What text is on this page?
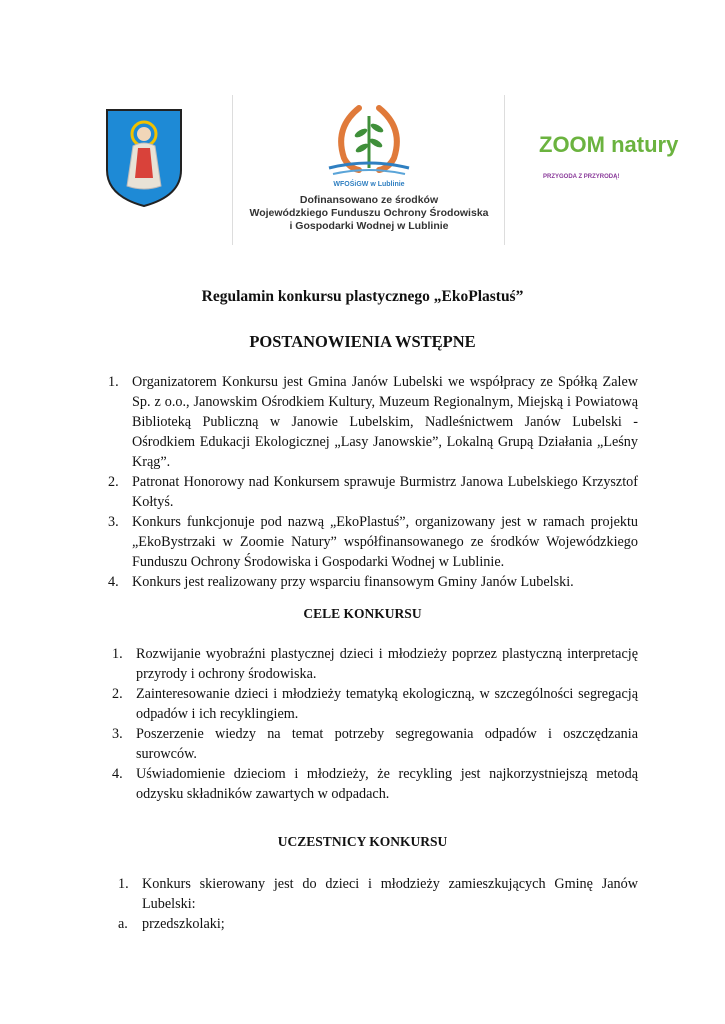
WFOŚiGW w Lublinie
Dofinansowano ze środków
Wojewódzkiego Funduszu Ochrony Środowiska
i Gospodarki Wodnej w Lublinie
ZOOM natury
PRZYGODA Z PRZYRODĄ!
Regulamin konkursu plastycznego „EkoPlastuś”
POSTANOWIENIA WSTĘPNE
1. Organizatorem Konkursu jest Gmina Janów Lubelski we współpracy ze Spółką Zalew Sp. z o.o., Janowskim Ośrodkiem Kultury, Muzeum Regionalnym, Miejską i Powiatową Biblioteką Publiczną w Janowie Lubelskim, Nadleśnictwem Janów Lubelski - Ośrodkiem Edukacji Ekologicznej „Lasy Janowskie”, Lokalną Grupą Działania „Leśny Krąg”.
2. Patronat Honorowy nad Konkursem sprawuje Burmistrz Janowa Lubelskiego Krzysztof Kołtyś.
3. Konkurs funkcjonuje pod nazwą „EkoPlastuś”, organizowany jest w ramach projektu „EkoBystrzaki w Zoomie Natury” współfinansowanego ze środków Wojewódzkiego Funduszu Ochrony Środowiska i Gospodarki Wodnej w Lublinie.
4. Konkurs jest realizowany przy wsparciu finansowym Gminy Janów Lubelski.
CELE KONKURSU
1. Rozwijanie wyobraźni plastycznej dzieci i młodzieży poprzez plastyczną interpretację przyrody i ochrony środowiska.
2. Zainteresowanie dzieci i młodzieży tematyką ekologiczną, w szczególności segregacją odpadów i ich recyklingiem.
3. Poszerzenie wiedzy na temat potrzeby segregowania odpadów i oszczędzania surowców.
4. Uświadomienie dzieciom i młodzieży, że recykling jest najkorzystniejszą metodą odzysku składników zawartych w odpadach.
UCZESTNICY KONKURSU
1. Konkurs skierowany jest do dzieci i młodzieży zamieszkujących Gminę Janów Lubelski:
a. przedszkolaki;
